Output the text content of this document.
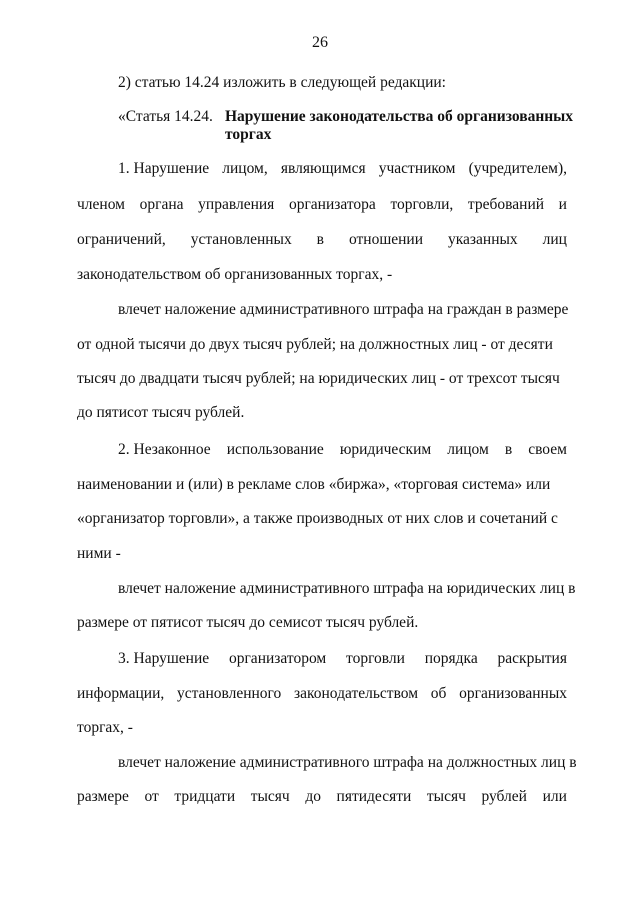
26
2) статью 14.24 изложить в следующей редакции:
«Статья 14.24. Нарушение законодательства об организованных торгах
1. Нарушение лицом, являющимся участником (учредителем),
членом органа управления организатора торговли, требований и
ограничений, установленных в отношении указанных лиц
законодательством об организованных торгах, -
влечет наложение административного штрафа на граждан в размере
от одной тысячи до двух тысяч рублей; на должностных лиц - от десяти
тысяч до двадцати тысяч рублей; на юридических лиц - от трехсот тысяч
до пятисот тысяч рублей.
2. Незаконное использование юридическим лицом в своем
наименовании и (или) в рекламе слов «биржа», «торговая система» или
«организатор торговли», а также производных от них слов и сочетаний с
ними -
влечет наложение административного штрафа на юридических лиц в
размере от пятисот тысяч до семисот тысяч рублей.
3. Нарушение организатором торговли порядка раскрытия
информации, установленного законодательством об организованных
торгах, -
влечет наложение административного штрафа на должностных лиц в
размере от тридцати тысяч до пятидесяти тысяч рублей или
